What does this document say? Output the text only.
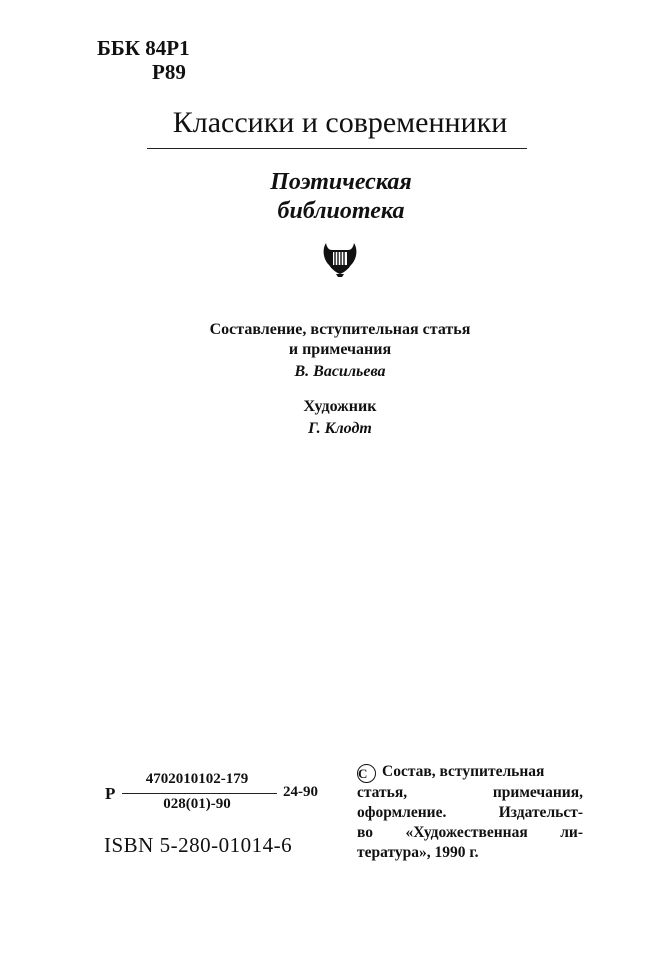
ББК 84Р1
Р89
Классики и современники
Поэтическая
библиотека
Составление, вступительная статья
и примечания
В. Васильева
Художник
Г. Клодт
Р
4702010102-179
028(01)-90
24-90
ISBN 5-280-01014-6
C Состав, вступительная
статья, примечания,
оформление. Издательст-
во «Художественная ли-
тература», 1990 г.
